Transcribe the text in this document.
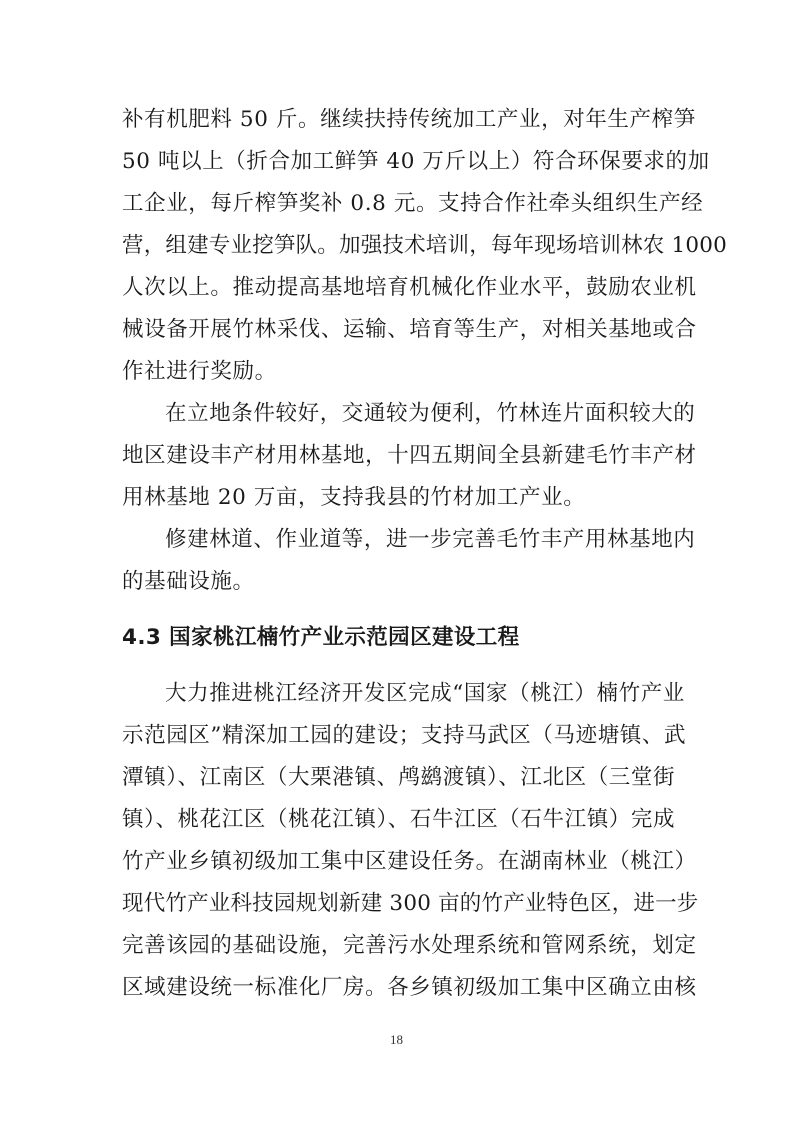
补有机肥料 50 斤。继续扶持传统加工产业，对年生产榨笋
50 吨以上（折合加工鲜笋 40 万斤以上）符合环保要求的加
工企业，每斤榨笋奖补 0.8 元。支持合作社牵头组织生产经
营，组建专业挖笋队。加强技术培训，每年现场培训林农 1000
人次以上。推动提高基地培育机械化作业水平，鼓励农业机
械设备开展竹林采伐、运输、培育等生产，对相关基地或合
作社进行奖励。
在立地条件较好，交通较为便利，竹林连片面积较大的
地区建设丰产材用林基地，十四五期间全县新建毛竹丰产材
用林基地 20 万亩，支持我县的竹材加工产业。
修建林道、作业道等，进一步完善毛竹丰产用林基地内
的基础设施。
4.3 国家桃江楠竹产业示范园区建设工程
大力推进桃江经济开发区完成“国家（桃江）楠竹产业
示范园区”精深加工园的建设；支持马武区（马迹塘镇、武
潭镇）、江南区（大栗港镇、鸬鹚渡镇）、江北区（三堂街
镇）、桃花江区（桃花江镇）、石牛江区（石牛江镇）完成
竹产业乡镇初级加工集中区建设任务。在湖南林业（桃江）
现代竹产业科技园规划新建 300 亩的竹产业特色区，进一步
完善该园的基础设施，完善污水处理系统和管网系统，划定
区域建设统一标准化厂房。各乡镇初级加工集中区确立由核
18
